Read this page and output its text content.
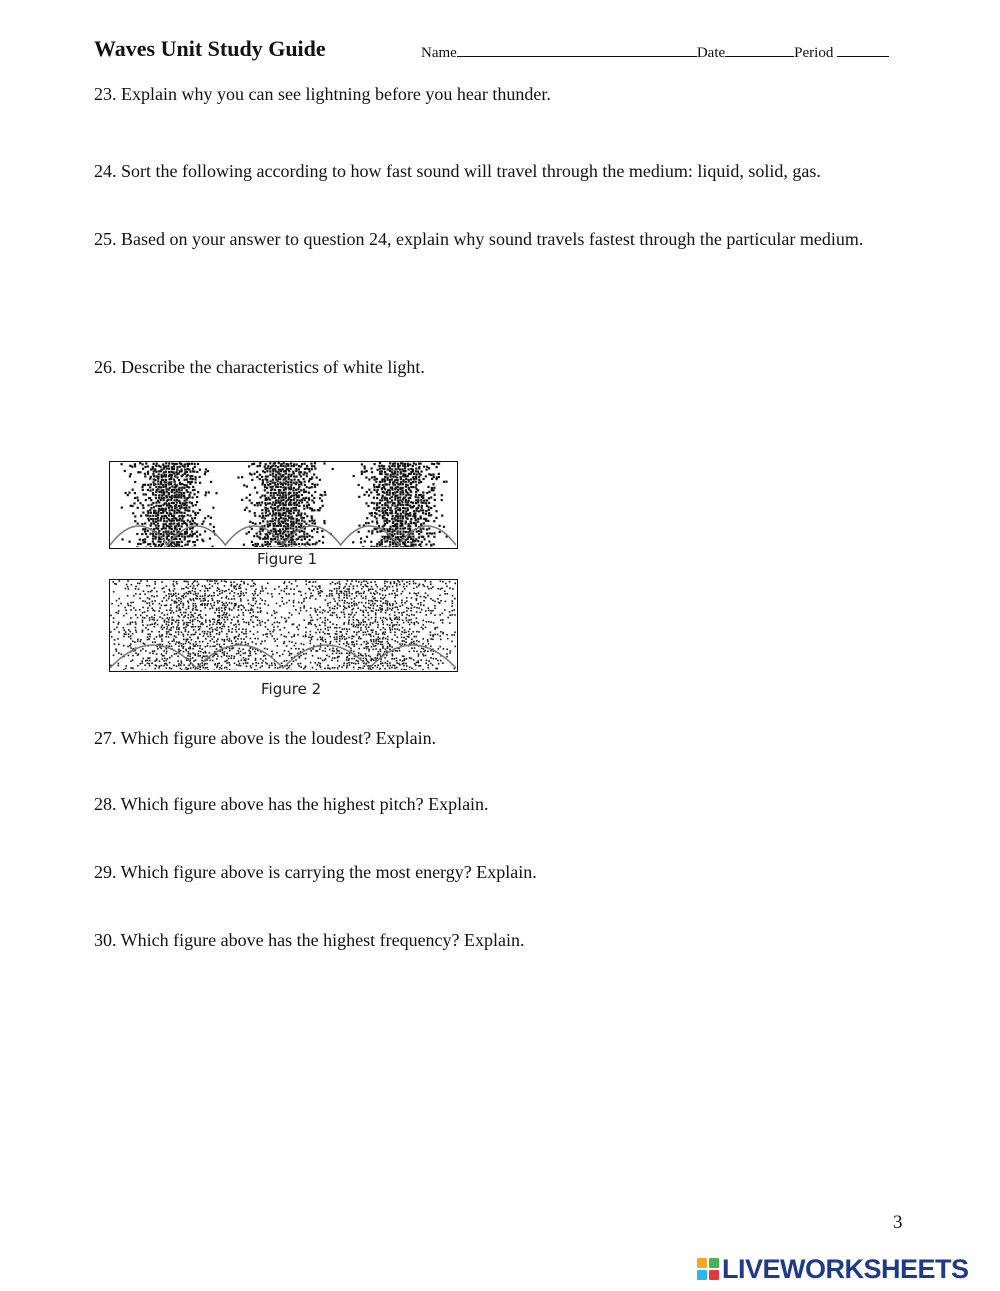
Waves Unit Study Guide	Name	Date	Period
23. Explain why you can see lightning before you hear thunder.
24. Sort the following according to how fast sound will travel through the medium: liquid, solid, gas.
25. Based on your answer to question 24, explain why sound travels fastest through the particular medium.
26. Describe the characteristics of white light.
Figure 1
Figure 2
27. Which figure above is the loudest? Explain.
28. Which figure above has the highest pitch? Explain.
29. Which figure above is carrying the most energy? Explain.
30. Which figure above has the highest frequency? Explain.
3
LIVEWORKSHEETS
